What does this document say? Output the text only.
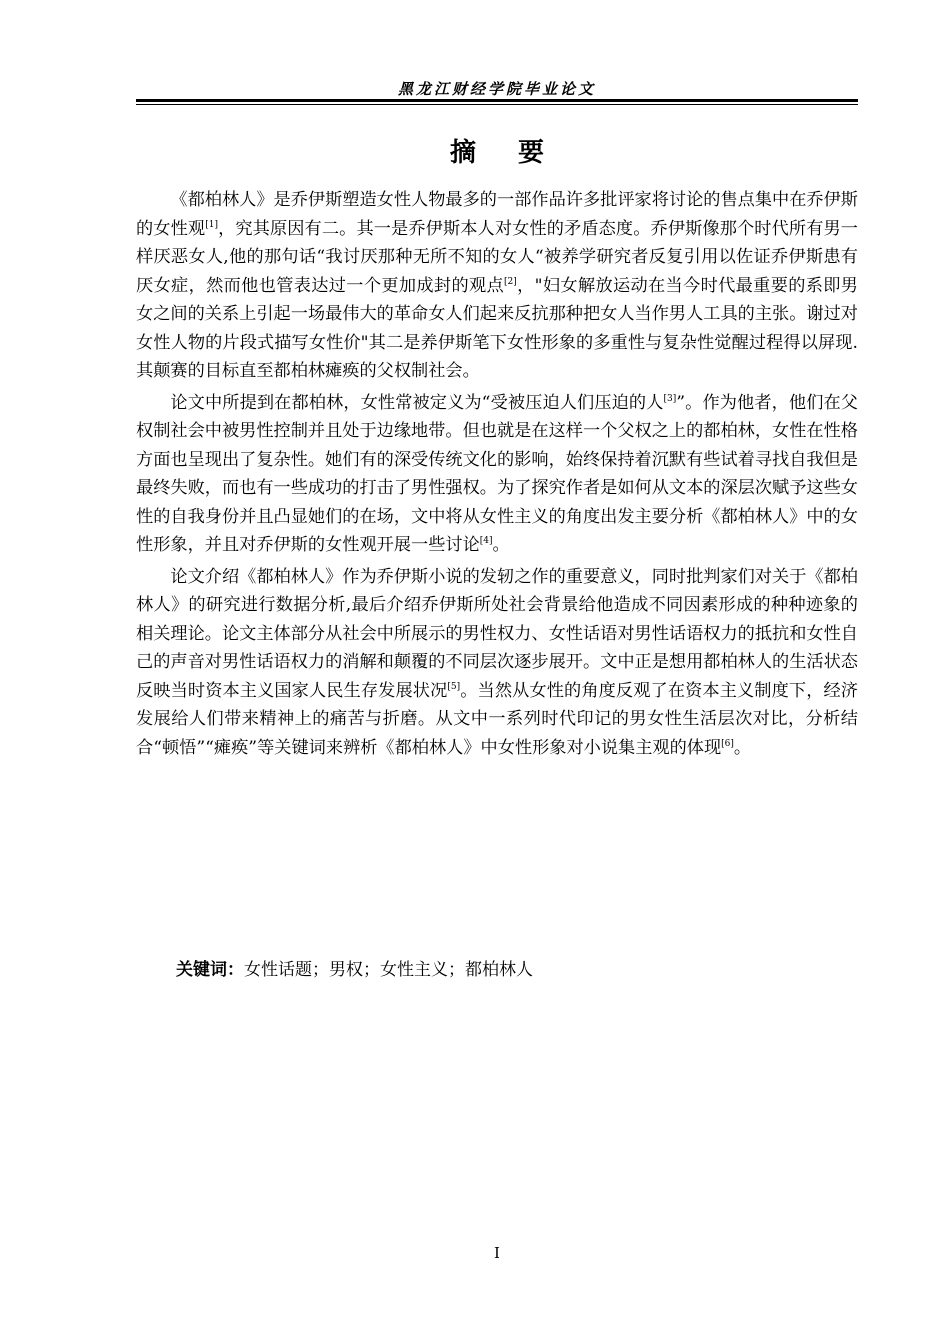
黑龙江财经学院毕业论文
摘要

《都柏林人》是乔伊斯塑造女性人物最多的一部作品许多批评家将讨论的售点集中在乔伊斯的女性观[1]，究其原因有二。其一是乔伊斯本人对女性的矛盾态度。乔伊斯像那个时代所有男一样厌恶女人,他的那句话“我讨厌那种无所不知的女人“被养学研究者反复引用以佐证乔伊斯患有厌女症，然而他也管表达过一个更加成封的观点[2]，"妇女解放运动在当今时代最重要的系即男女之间的关系上引起一场最伟大的革命女人们起来反抗那种把女人当作男人工具的主张。谢过对女性人物的片段式描写女性价"其二是养伊斯笔下女性形象的多重性与复杂性觉醒过程得以屏现.其颠赛的目标直至都柏林瘫痪的父权制社会。

论文中所提到在都柏林，女性常被定义为“受被压迫人们压迫的人[3]”。作为他者，他们在父权制社会中被男性控制并且处于边缘地带。但也就是在这样一个父权之上的都柏林，女性在性格方面也呈现出了复杂性。她们有的深受传统文化的影响，始终保持着沉默有些试着寻找自我但是最终失败，而也有一些成功的打击了男性强权。为了探究作者是如何从文本的深层次赋予这些女性的自我身份并且凸显她们的在场，文中将从女性主义的角度出发主要分析《都柏林人》中的女性形象，并且对乔伊斯的女性观开展一些讨论[4]。

论文介绍《都柏林人》作为乔伊斯小说的发轫之作的重要意义，同时批判家们对关于《都柏林人》的研究进行数据分析,最后介绍乔伊斯所处社会背景给他造成不同因素形成的种种迹象的相关理论。论文主体部分从社会中所展示的男性权力、女性话语对男性话语权力的抵抗和女性自己的声音对男性话语权力的消解和颠覆的不同层次逐步展开。文中正是想用都柏林人的生活状态反映当时资本主义国家人民生存发展状况[5]。当然从女性的角度反观了在资本主义制度下，经济发展给人们带来精神上的痛苦与折磨。从文中一系列时代印记的男女性生活层次对比，分析结合“顿悟”“瘫痪”等关键词来辨析《都柏林人》中女性形象对小说集主观的体现[6]。

关键词：女性话题；男权；女性主义；都柏林人
I
